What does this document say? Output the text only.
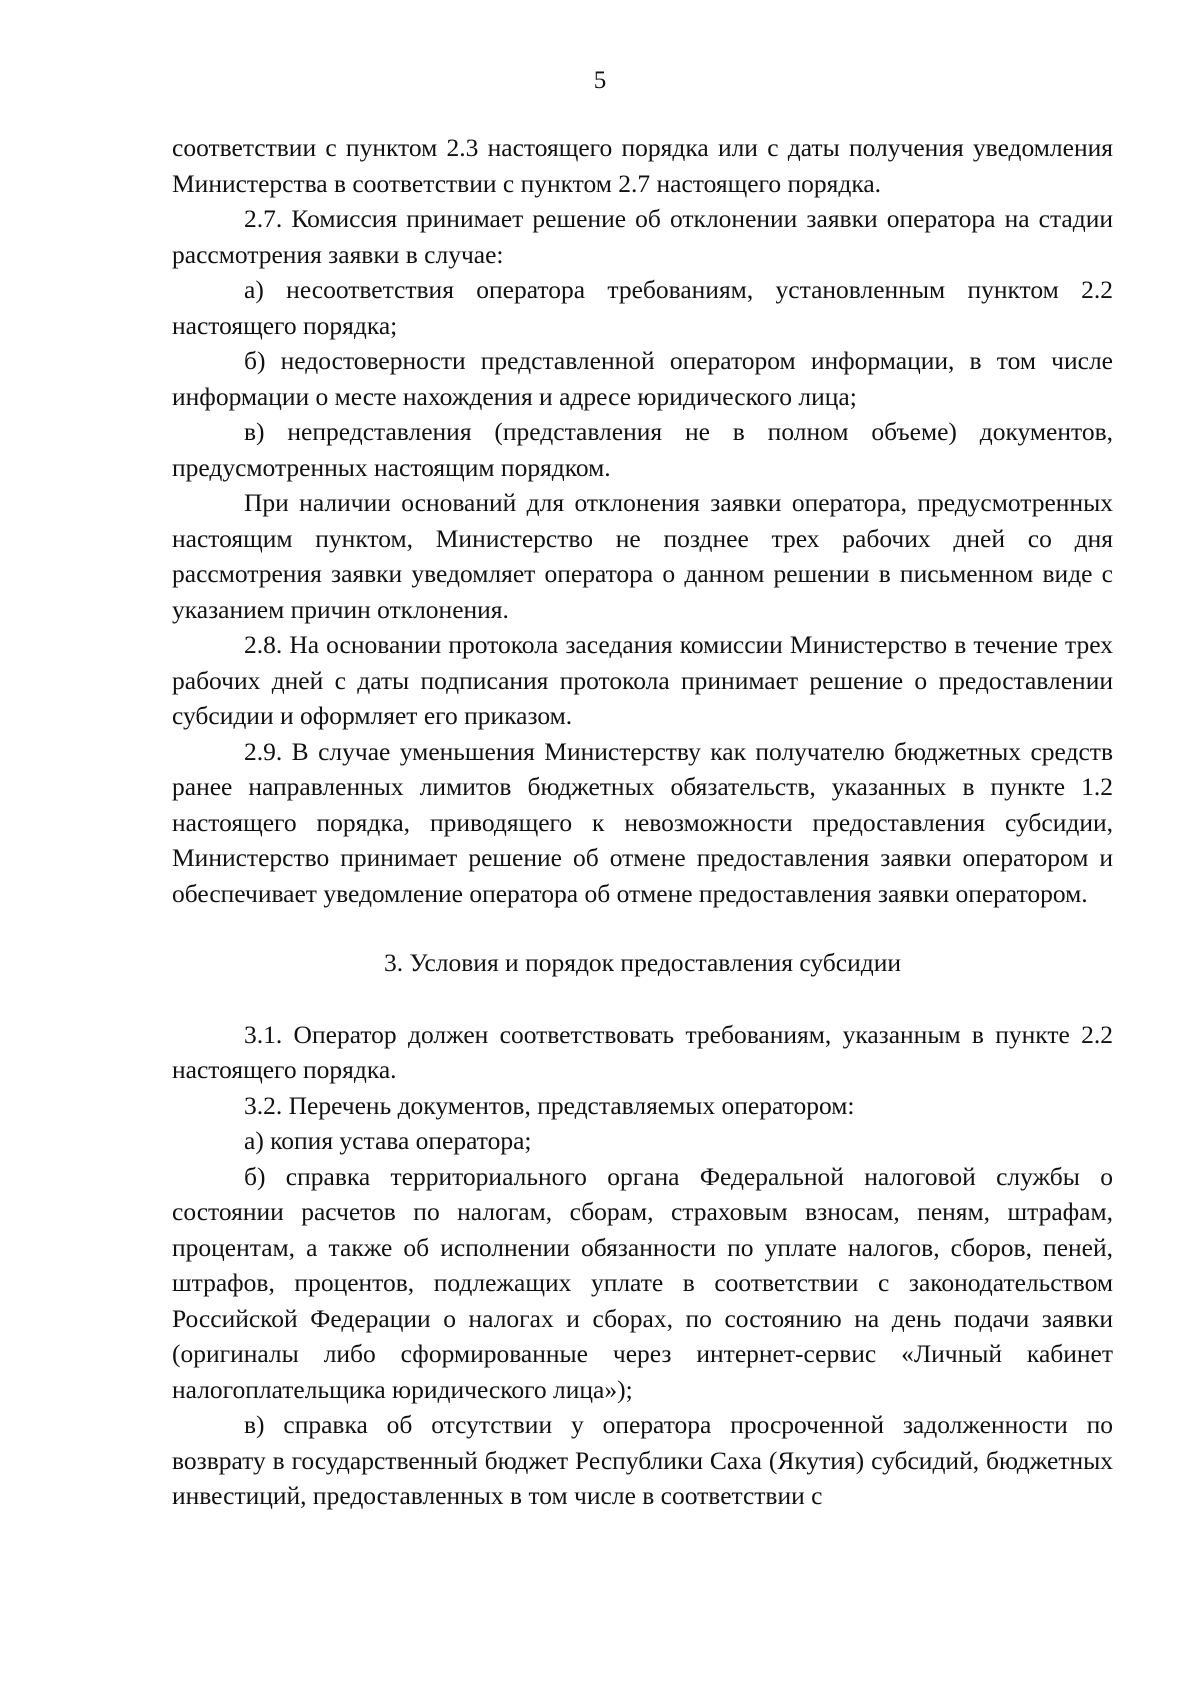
5

соответствии с пунктом 2.3 настоящего порядка или с даты получения уведомления Министерства в соответствии с пунктом 2.7 настоящего порядка.

2.7. Комиссия принимает решение об отклонении заявки оператора на стадии рассмотрения заявки в случае:

а) несоответствия оператора требованиям, установленным пунктом 2.2 настоящего порядка;

б) недостоверности представленной оператором информации, в том числе информации о месте нахождения и адресе юридического лица;

в) непредставления (представления не в полном объеме) документов, предусмотренных настоящим порядком.

При наличии оснований для отклонения заявки оператора, предусмотренных настоящим пунктом, Министерство не позднее трех рабочих дней со дня рассмотрения заявки уведомляет оператора о данном решении в письменном виде с указанием причин отклонения.

2.8. На основании протокола заседания комиссии Министерство в течение трех рабочих дней с даты подписания протокола принимает решение о предоставлении субсидии и оформляет его приказом.

2.9. В случае уменьшения Министерству как получателю бюджетных средств ранее направленных лимитов бюджетных обязательств, указанных в пункте 1.2 настоящего порядка, приводящего к невозможности предоставления субсидии, Министерство принимает решение об отмене предоставления заявки оператором и обеспечивает уведомление оператора об отмене предоставления заявки оператором.

3. Условия и порядок предоставления субсидии

3.1. Оператор должен соответствовать требованиям, указанным в пункте 2.2 настоящего порядка.

3.2. Перечень документов, представляемых оператором:

а) копия устава оператора;

б) справка территориального органа Федеральной налоговой службы о состоянии расчетов по налогам, сборам, страховым взносам, пеням, штрафам, процентам, а также об исполнении обязанности по уплате налогов, сборов, пеней, штрафов, процентов, подлежащих уплате в соответствии с законодательством Российской Федерации о налогах и сборах, по состоянию на день подачи заявки (оригиналы либо сформированные через интернет-сервис «Личный кабинет налогоплательщика юридического лица»);

в) справка об отсутствии у оператора просроченной задолженности по возврату в государственный бюджет Республики Саха (Якутия) субсидий, бюджетных инвестиций, предоставленных в том числе в соответствии с
